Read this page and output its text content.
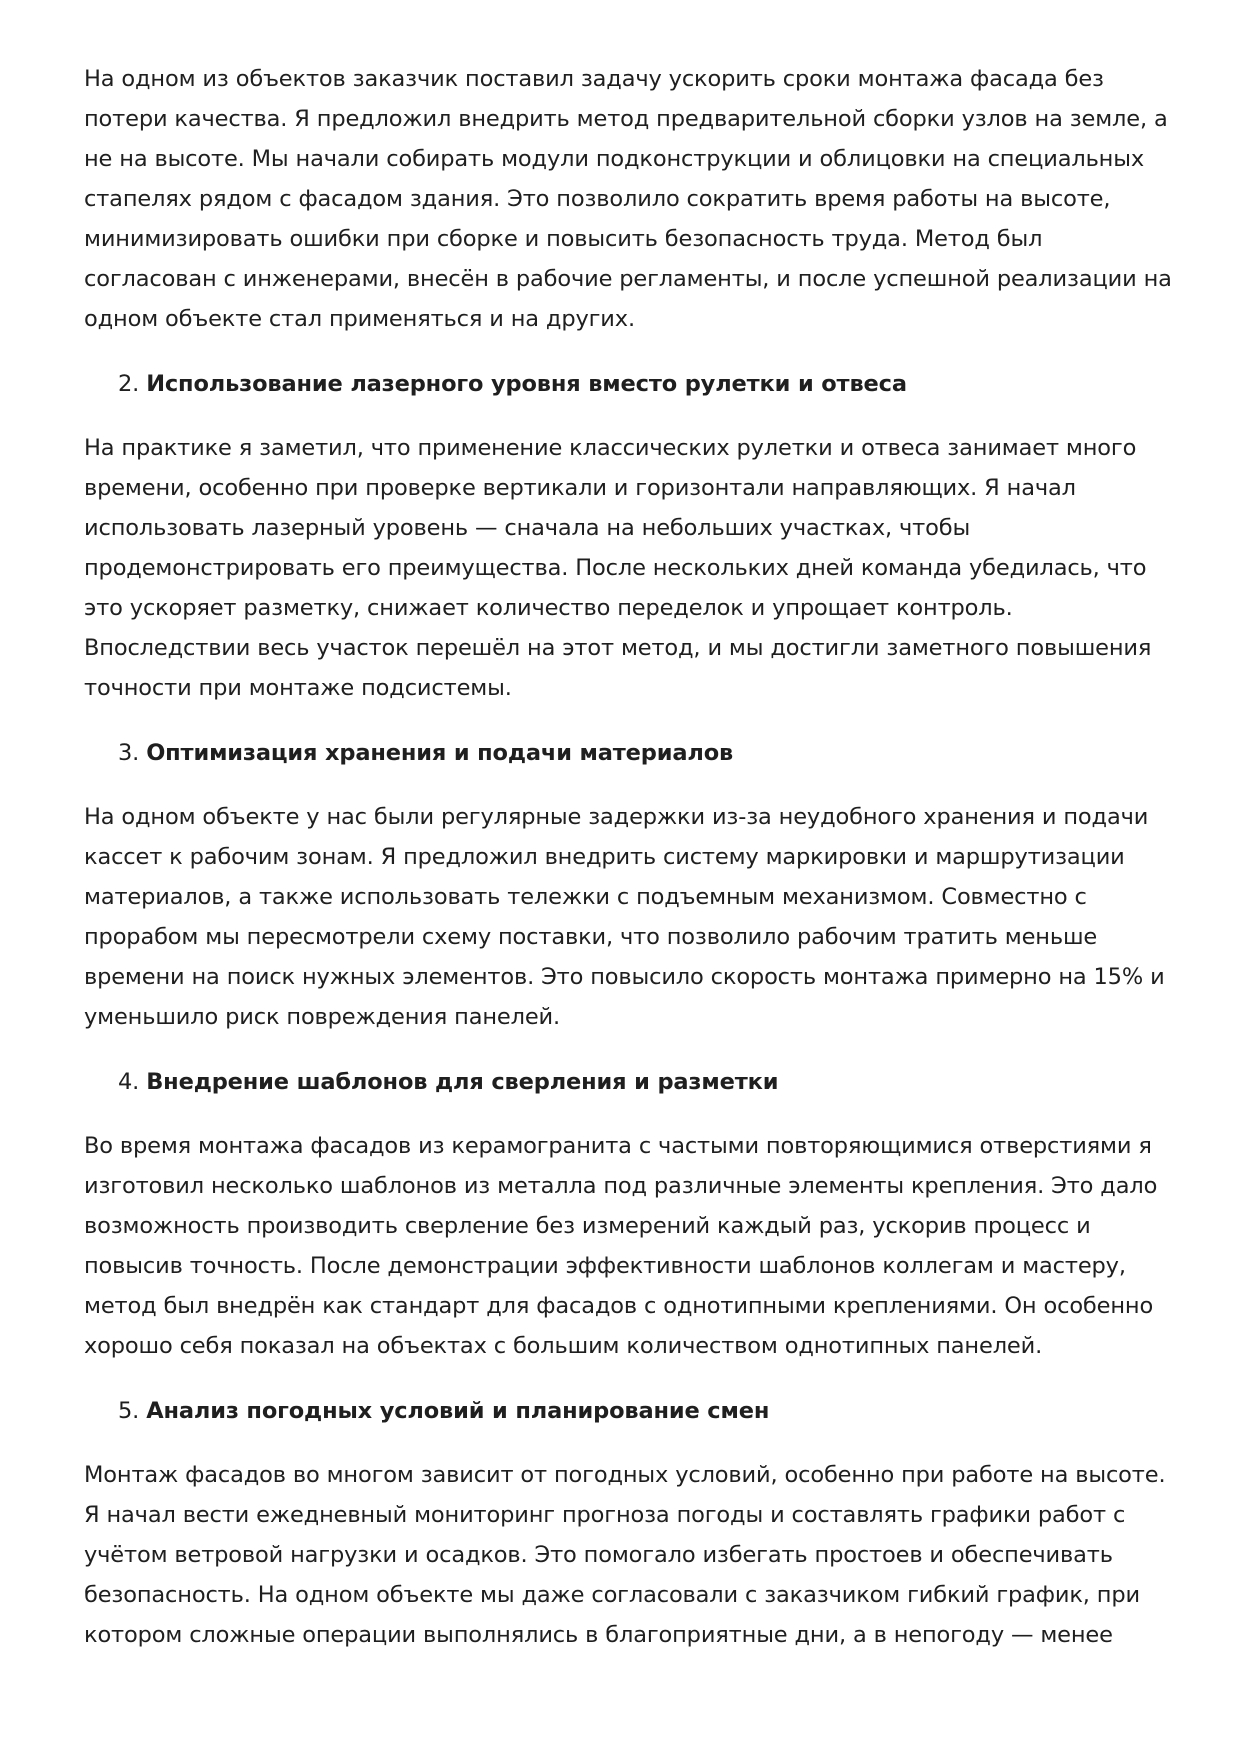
На одном из объектов заказчик поставил задачу ускорить сроки монтажа фасада без потери качества. Я предложил внедрить метод предварительной сборки узлов на земле, а не на высоте. Мы начали собирать модули подконструкции и облицовки на специальных стапелях рядом с фасадом здания. Это позволило сократить время работы на высоте, минимизировать ошибки при сборке и повысить безопасность труда. Метод был согласован с инженерами, внесён в рабочие регламенты, и после успешной реализации на одном объекте стал применяться и на других.

2. Использование лазерного уровня вместо рулетки и отвеса

На практике я заметил, что применение классических рулетки и отвеса занимает много времени, особенно при проверке вертикали и горизонтали направляющих. Я начал использовать лазерный уровень — сначала на небольших участках, чтобы продемонстрировать его преимущества. После нескольких дней команда убедилась, что это ускоряет разметку, снижает количество переделок и упрощает контроль. Впоследствии весь участок перешёл на этот метод, и мы достигли заметного повышения точности при монтаже подсистемы.

3. Оптимизация хранения и подачи материалов

На одном объекте у нас были регулярные задержки из-за неудобного хранения и подачи кассет к рабочим зонам. Я предложил внедрить систему маркировки и маршрутизации материалов, а также использовать тележки с подъемным механизмом. Совместно с прорабом мы пересмотрели схему поставки, что позволило рабочим тратить меньше времени на поиск нужных элементов. Это повысило скорость монтажа примерно на 15% и уменьшило риск повреждения панелей.

4. Внедрение шаблонов для сверления и разметки

Во время монтажа фасадов из керамогранита с частыми повторяющимися отверстиями я изготовил несколько шаблонов из металла под различные элементы крепления. Это дало возможность производить сверление без измерений каждый раз, ускорив процесс и повысив точность. После демонстрации эффективности шаблонов коллегам и мастеру, метод был внедрён как стандарт для фасадов с однотипными креплениями. Он особенно хорошо себя показал на объектах с большим количеством однотипных панелей.

5. Анализ погодных условий и планирование смен

Монтаж фасадов во многом зависит от погодных условий, особенно при работе на высоте. Я начал вести ежедневный мониторинг прогноза погоды и составлять графики работ с учётом ветровой нагрузки и осадков. Это помогало избегать простоев и обеспечивать безопасность. На одном объекте мы даже согласовали с заказчиком гибкий график, при котором сложные операции выполнялись в благоприятные дни, а в непогоду — менее
